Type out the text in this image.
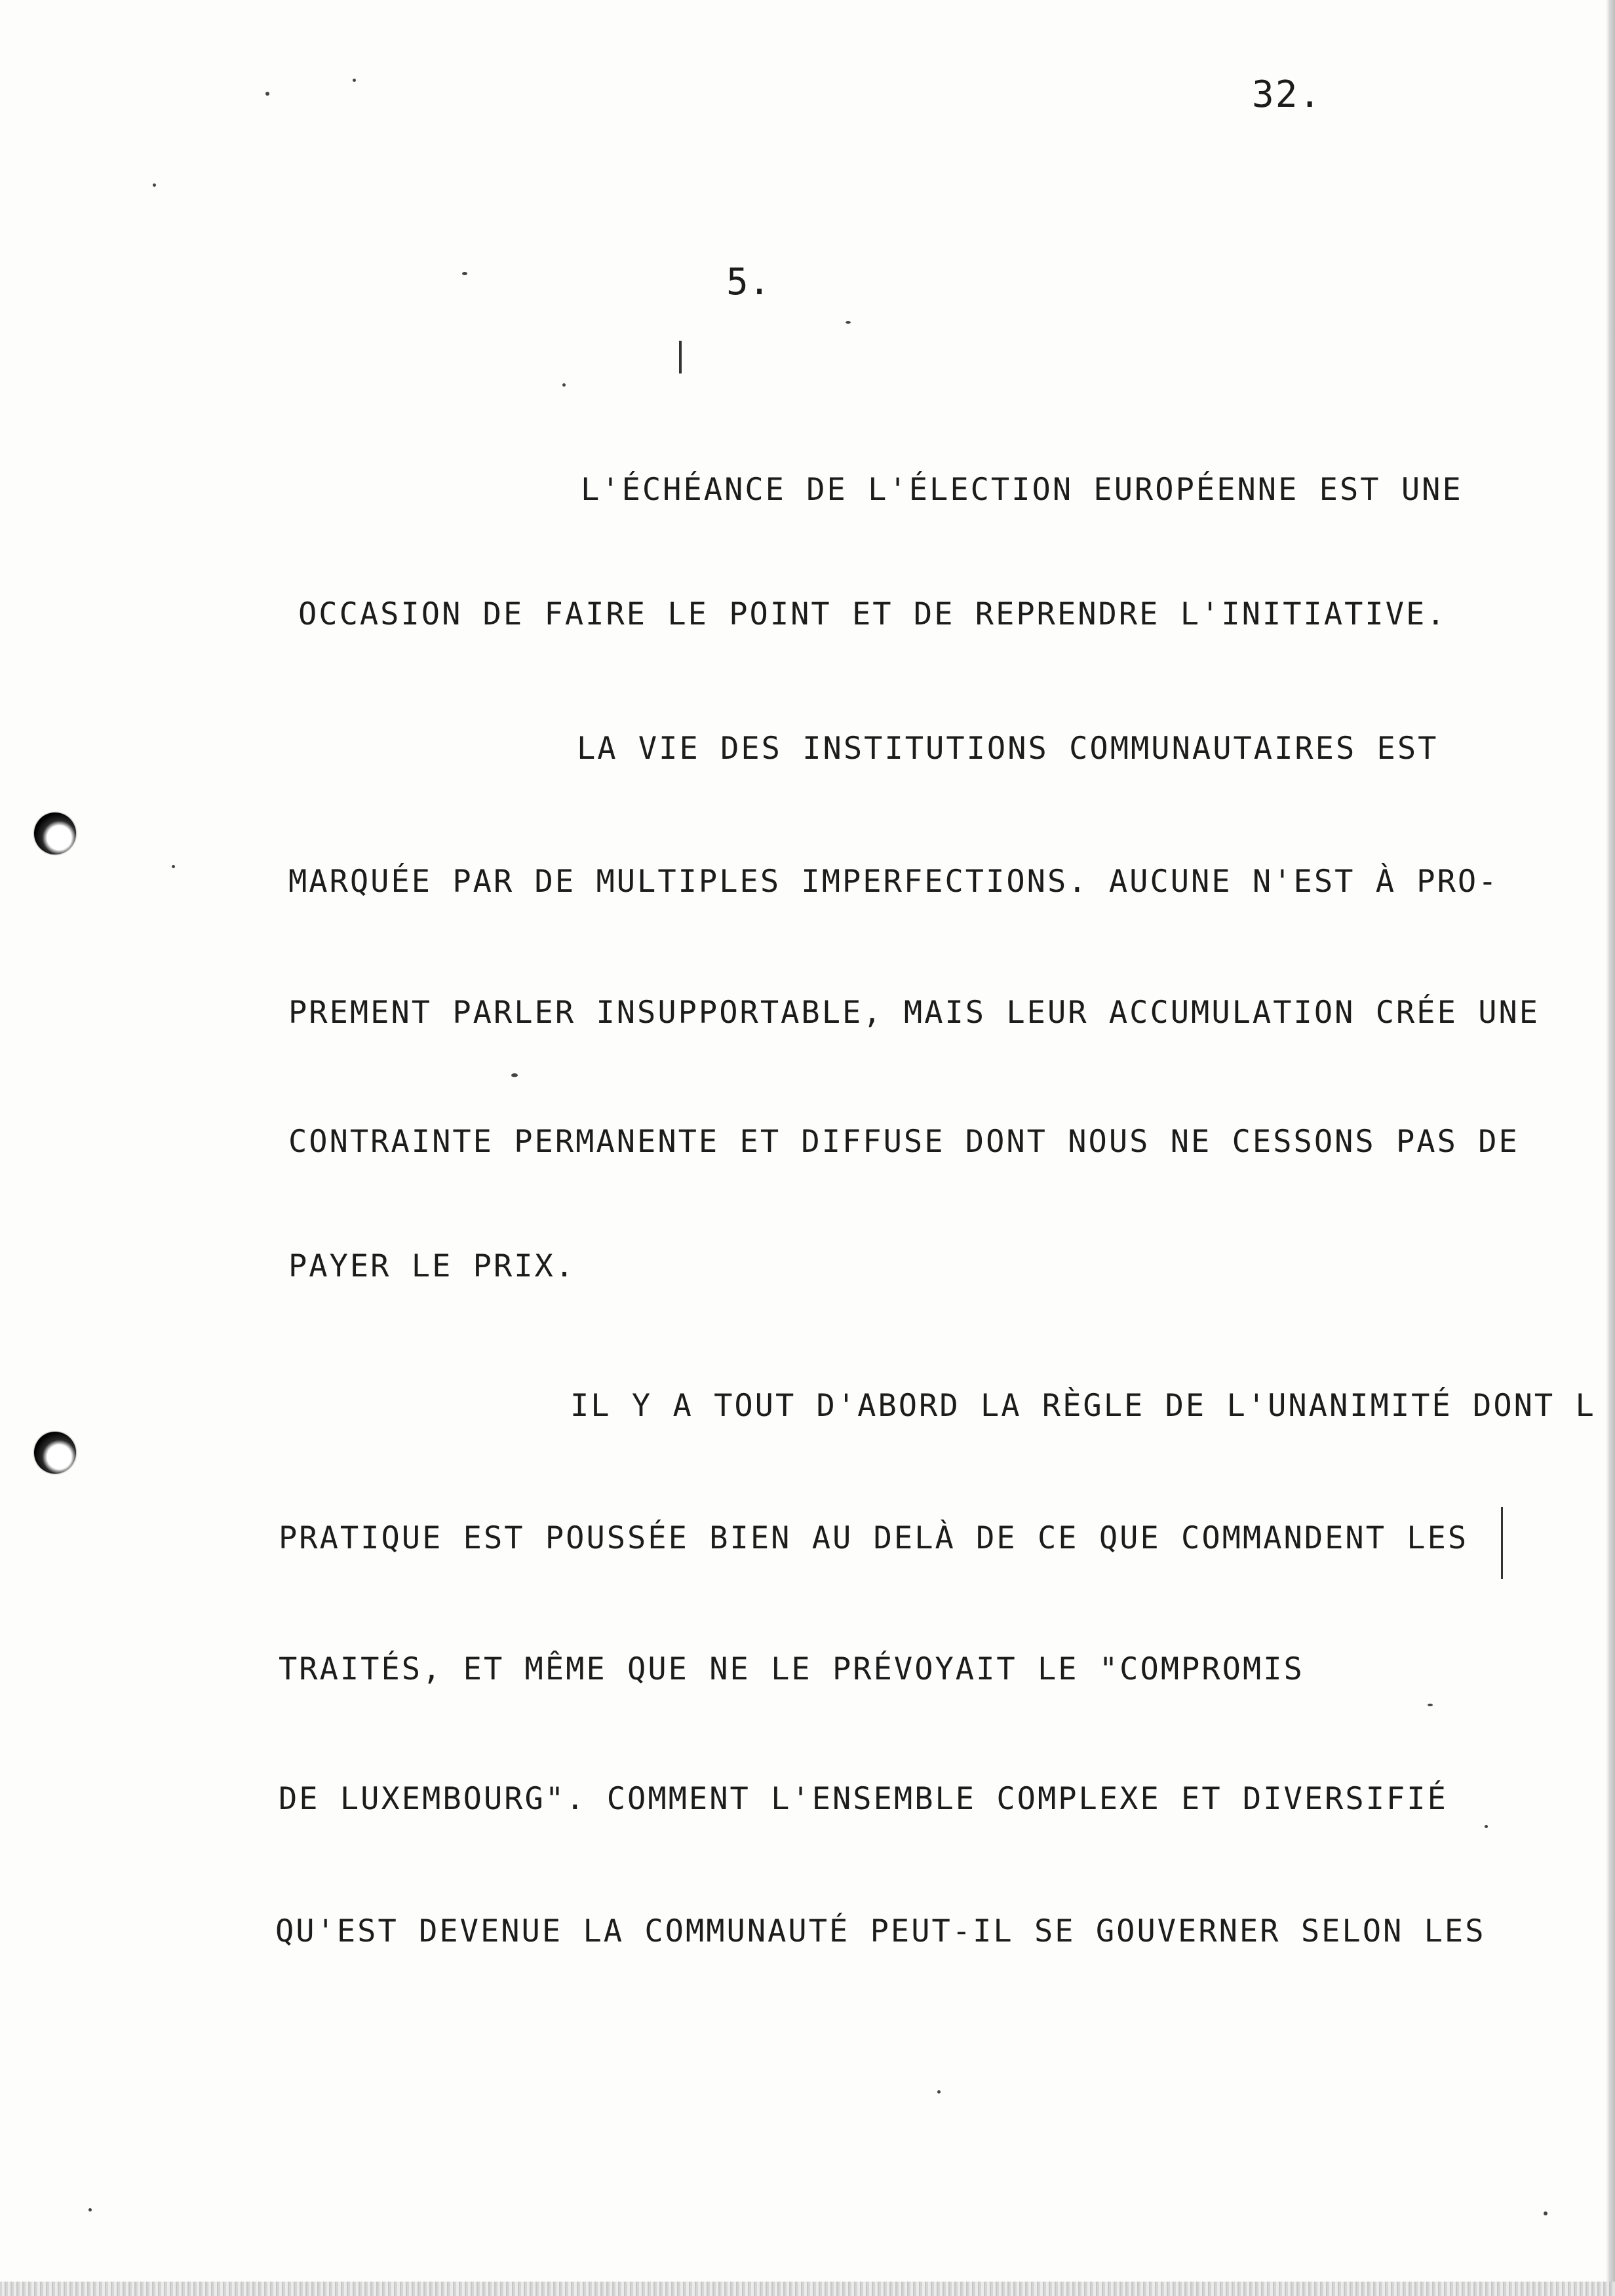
32.
5.
L'ÉCHÉANCE DE L'ÉLECTION EUROPÉENNE EST UNE
OCCASION DE FAIRE LE POINT ET DE REPRENDRE L'INITIATIVE.
LA VIE DES INSTITUTIONS COMMUNAUTAIRES EST
MARQUÉE PAR DE MULTIPLES IMPERFECTIONS. AUCUNE N'EST À PRO-
PREMENT PARLER INSUPPORTABLE, MAIS LEUR ACCUMULATION CRÉE UNE
CONTRAINTE PERMANENTE ET DIFFUSE DONT NOUS NE CESSONS PAS DE
PAYER LE PRIX.
IL Y A TOUT D'ABORD LA RÈGLE DE L'UNANIMITÉ DONT L
PRATIQUE EST POUSSÉE BIEN AU DELÀ DE CE QUE COMMANDENT LES
TRAITÉS, ET MÊME QUE NE LE PRÉVOYAIT LE "COMPROMIS
DE LUXEMBOURG". COMMENT L'ENSEMBLE COMPLEXE ET DIVERSIFIÉ
QU'EST DEVENUE LA COMMUNAUTÉ PEUT-IL SE GOUVERNER SELON LES
